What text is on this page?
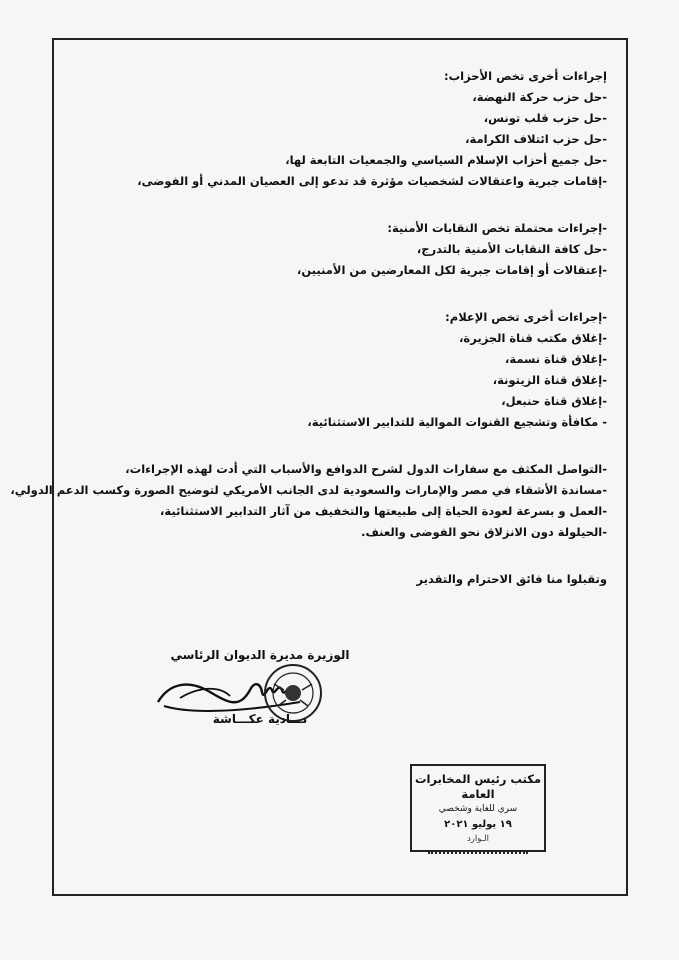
إجراءات أخرى تخص الأحزاب:

-حل حزب حركة النهضة،

-حل حزب قلب تونس،

-حل حزب ائتلاف الكرامة،

-حل جميع أحزاب الإسلام السياسي والجمعيات التابعة لها،

-إقامات جبرية واعتقالات لشخصيات مؤثرة قد تدعو إلى العصيان المدني أو الفوضى،

-إجراءات محتملة تخص النقابات الأمنية:

-حل كافة النقابات الأمنية بالتدرج،

-إعتقالات أو إقامات جبرية لكل المعارضين من الأمنيين،

-إجراءات أخرى تخص الإعلام:

-إغلاق مكتب قناة الجزيرة،

-إغلاق قناة نسمة،

-إغلاق قناة الزيتونة،

-إغلاق قناة حنبعل،

- مكافأة وتشجيع القنوات الموالية للتدابير الاستثنائية،

-التواصل المكثف مع سفارات الدول لشرح الدوافع والأسباب التي أدت لهذه الإجراءات،

-مساندة الأشقاء في مصر والإمارات والسعودية لدى الجانب الأمريكي لتوضيح الصورة وكسب الدعم الدولي،

-العمل و بسرعة لعودة الحياة إلى طبيعتها والتخفيف من آثار التدابير الاستثنائية،

-الحيلولة دون الانزلاق نحو الفوضى والعنف.

وتقبلوا منا فائق الاحترام والتقدير

الوزيرة مديرة الديوان الرئاسي
نـــادية عكـــاشة
مكتب رئيس المخابرات العامة
سري للغاية وشخصي
١٩ يوليو ٢٠٢١
الـوارد
